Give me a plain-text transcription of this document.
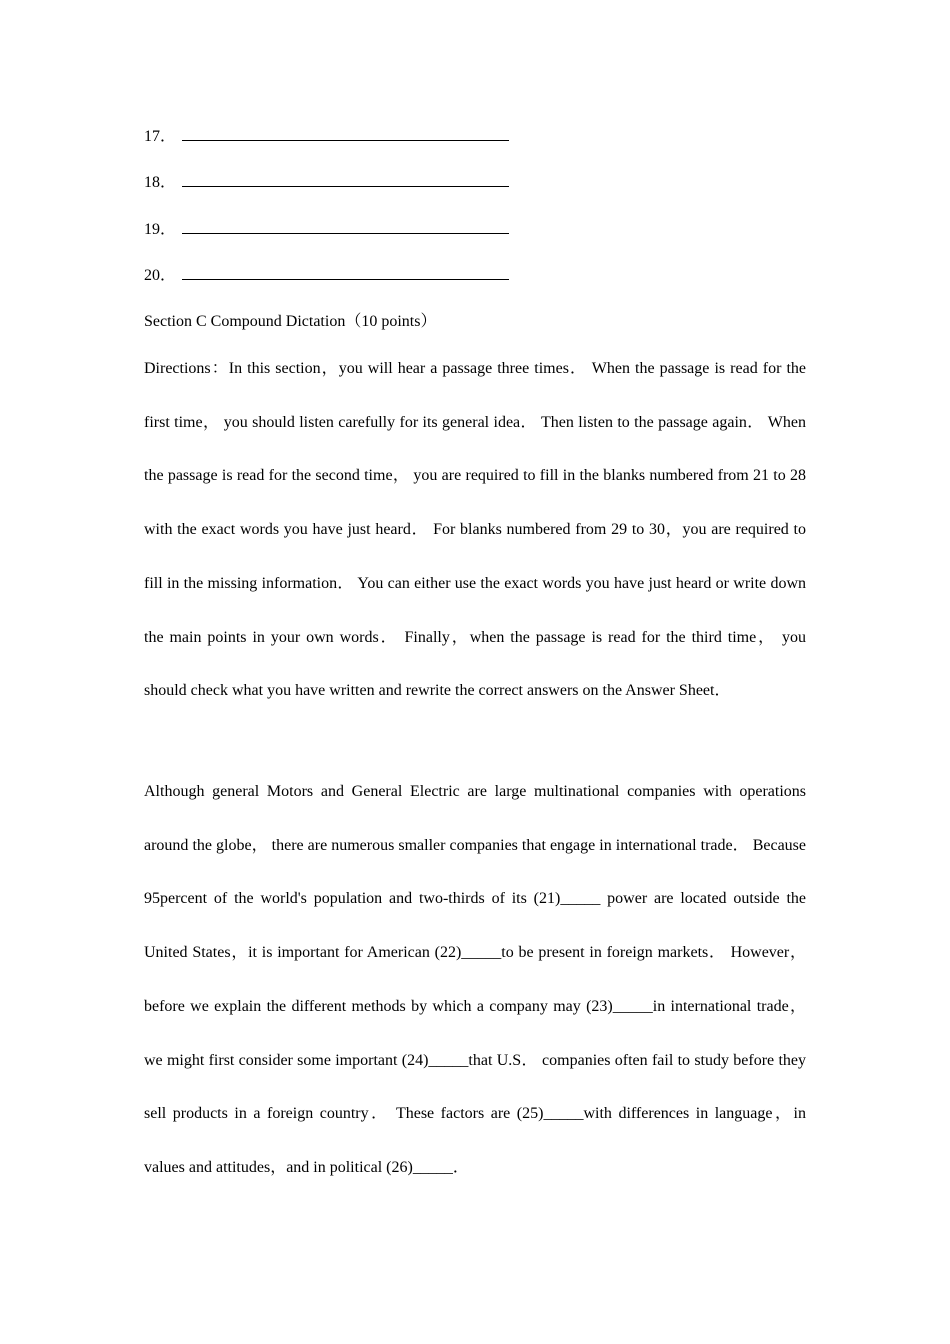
17．
18．
19．
20．
Section C Compound Dictation（10 points）

Directions：In this section，you will hear a passage three times． When the passage is read for the first time， you should listen carefully for its general idea． Then listen to the passage again． When the passage is read for the second time， you are required to fill in the blanks numbered from 21 to 28 with the exact words you have just heard． For blanks numbered from 29 to 30，you are required to fill in the missing information． You can either use the exact words you have just heard or write down the main points in your own words． Finally，when the passage is read for the third time， you should check what you have written and rewrite the correct answers on the Answer Sheet．

Although general Motors and General Electric are large multinational companies with operations around the globe， there are numerous smaller companies that engage in international trade． Because 95percent of the world's population and two-thirds of its (21)_____ power are located outside the United States，it is important for American (22)_____to be present in foreign markets． However， before we explain the different methods by which a company may (23)_____in international trade， we might first consider some important (24)_____that U.S． companies often fail to study before they sell products in a foreign country． These factors are (25)_____with differences in language，in values and attitudes，and in political (26)_____．
